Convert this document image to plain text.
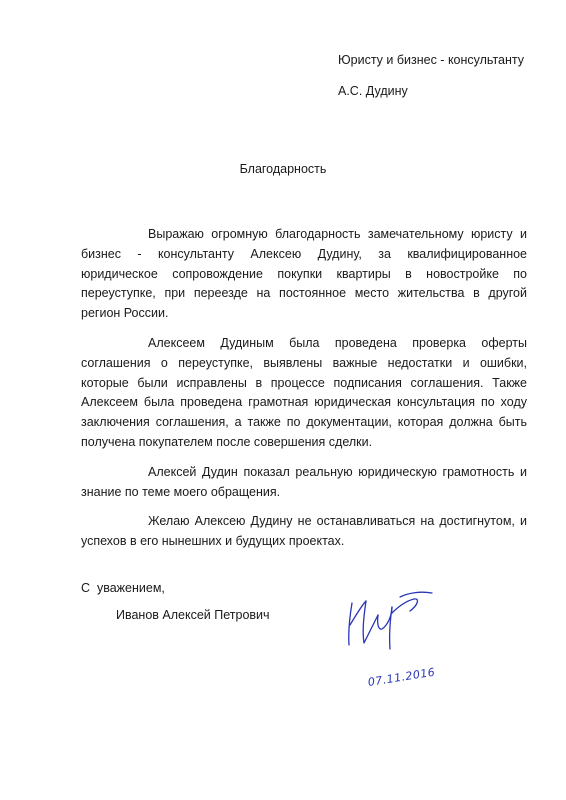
Юристу и бизнес - консультанту
А.С. Дудину
Благодарность

Выражаю огромную благодарность замечательному юристу и бизнес - консультанту Алексею Дудину, за квалифицированное юридическое сопровождение покупки квартиры в новостройке по переуступке, при переезде на постоянное место жительства в другой регион России.

Алексеем Дудиным была проведена проверка оферты соглашения о переуступке, выявлены важные недостатки и ошибки, которые были исправлены в процессе подписания соглашения. Также Алексеем была проведена грамотная юридическая консультация по ходу заключения соглашения, а также по документации, которая должна быть получена покупателем после совершения сделки.

Алексей Дудин показал реальную юридическую грамотность и знание по теме моего обращения.

Желаю Алексею Дудину не останавливаться на достигнутом, и успехов в его нынешних и будущих проектах.

С  уважением,
Иванов Алексей Петрович
07.11.2016
